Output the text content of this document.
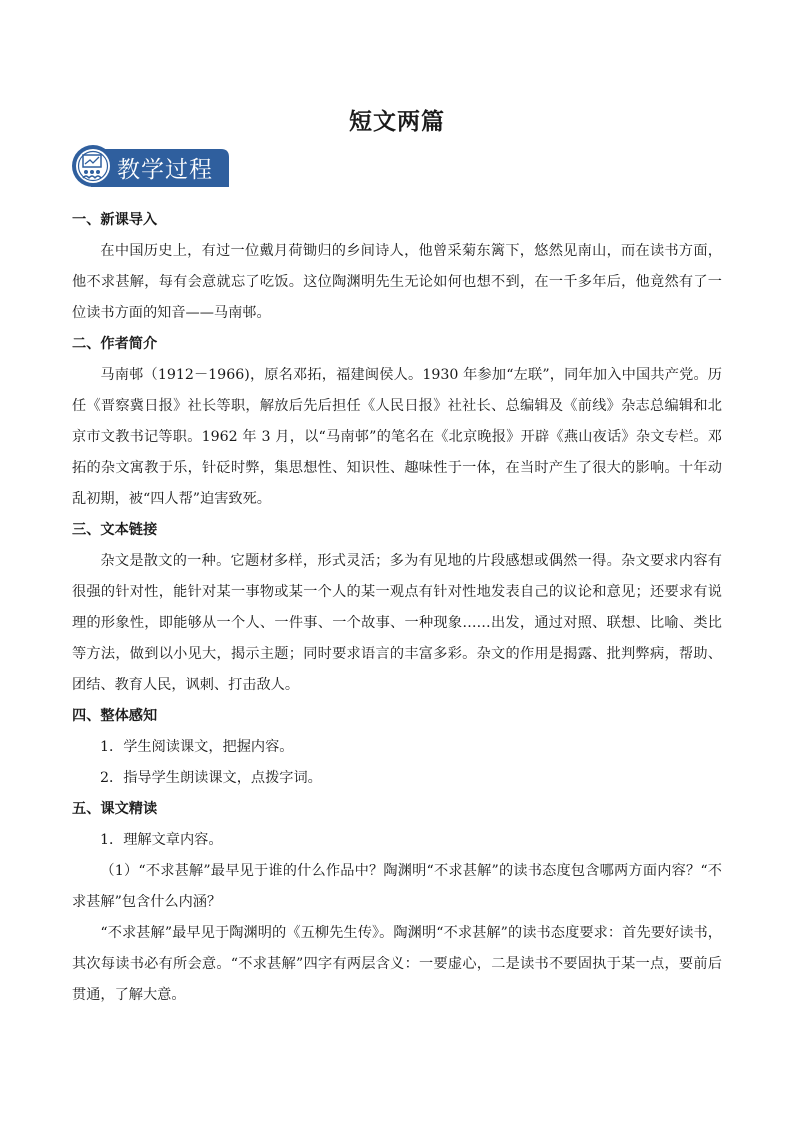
短文两篇
教学过程
一、新课导入

在中国历史上，有过一位戴月荷锄归的乡间诗人，他曾采菊东篱下，悠然见南山，而在读书方面，他不求甚解，每有会意就忘了吃饭。这位陶渊明先生无论如何也想不到，在一千多年后，他竟然有了一位读书方面的知音——马南邨。

二、作者简介

马南邨（1912－1966)，原名邓拓，福建闽侯人。1930 年参加“左联”，同年加入中国共产党。历任《晋察冀日报》社长等职，解放后先后担任《人民日报》社社长、总编辑及《前线》杂志总编辑和北京市文教书记等职。1962 年 3 月，以“马南邨”的笔名在《北京晚报》开辟《燕山夜话》杂文专栏。邓拓的杂文寓教于乐，针砭时弊，集思想性、知识性、趣味性于一体，在当时产生了很大的影响。十年动乱初期，被“四人帮”迫害致死。

三、文本链接

杂文是散文的一种。它题材多样，形式灵活；多为有见地的片段感想或偶然一得。杂文要求内容有很强的针对性，能针对某一事物或某一个人的某一观点有针对性地发表自己的议论和意见；还要求有说理的形象性，即能够从一个人、一件事、一个故事、一种现象……出发，通过对照、联想、比喻、类比等方法，做到以小见大，揭示主题；同时要求语言的丰富多彩。杂文的作用是揭露、批判弊病，帮助、团结、教育人民，讽刺、打击敌人。

四、整体感知

1．学生阅读课文，把握内容。

2．指导学生朗读课文，点拨字词。

五、课文精读

1．理解文章内容。

（1）“不求甚解”最早见于谁的什么作品中？陶渊明“不求甚解”的读书态度包含哪两方面内容？“不求甚解”包含什么内涵？

“不求甚解”最早见于陶渊明的《五柳先生传》。陶渊明“不求甚解”的读书态度要求：首先要好读书，其次每读书必有所会意。“不求甚解”四字有两层含义：一要虚心，二是读书不要固执于某一点，要前后贯通，了解大意。
